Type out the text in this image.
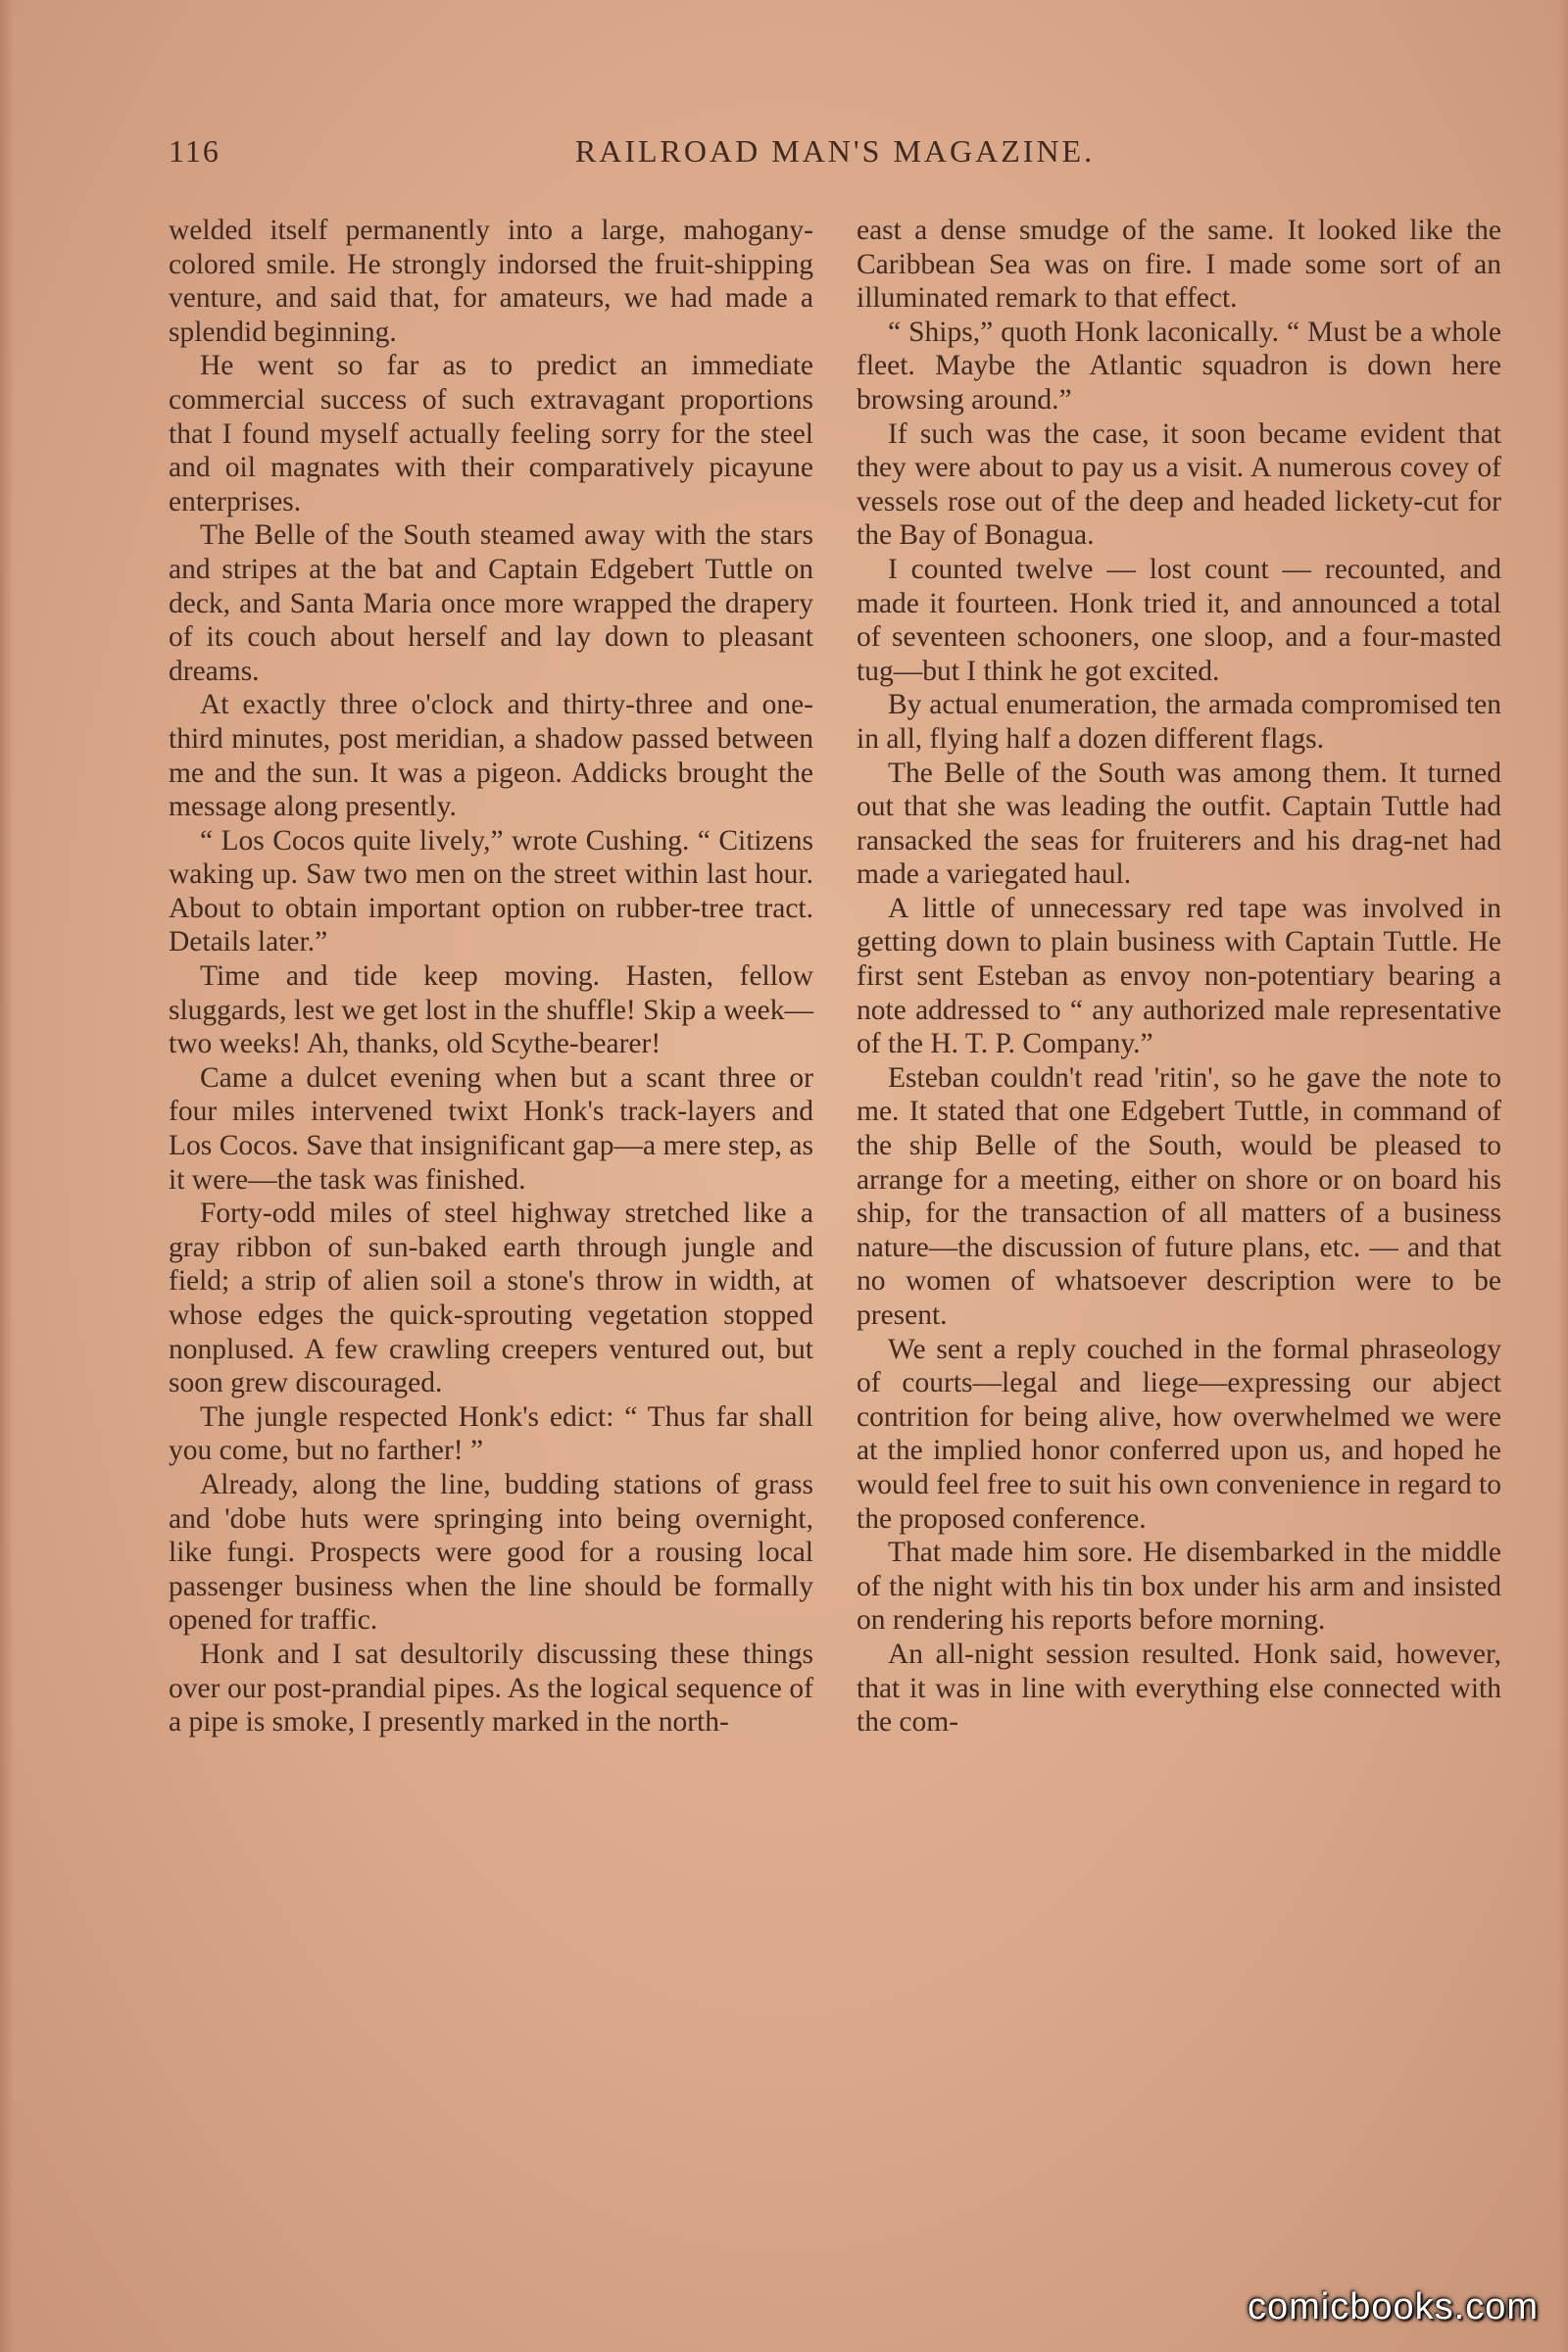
116	RAILROAD MAN'S MAGAZINE.

welded itself permanently into a large, mahogany-colored smile. He strongly indorsed the fruit-shipping venture, and said that, for amateurs, we had made a splendid beginning.

He went so far as to predict an immediate commercial success of such extravagant proportions that I found myself actually feeling sorry for the steel and oil magnates with their comparatively picayune enterprises.

The Belle of the South steamed away with the stars and stripes at the bat and Captain Edgebert Tuttle on deck, and Santa Maria once more wrapped the drapery of its couch about herself and lay down to pleasant dreams.

At exactly three o'clock and thirty-three and one-third minutes, post meridian, a shadow passed between me and the sun. It was a pigeon. Addicks brought the message along presently.

“ Los Cocos quite lively,” wrote Cushing. “ Citizens waking up. Saw two men on the street within last hour. About to obtain important option on rubber-tree tract. Details later.”

Time and tide keep moving. Hasten, fellow sluggards, lest we get lost in the shuffle! Skip a week—two weeks! Ah, thanks, old Scythe-bearer!

Came a dulcet evening when but a scant three or four miles intervened twixt Honk's track-layers and Los Cocos. Save that insignificant gap—a mere step, as it were—the task was finished.

Forty-odd miles of steel highway stretched like a gray ribbon of sun-baked earth through jungle and field; a strip of alien soil a stone's throw in width, at whose edges the quick-sprouting vegetation stopped nonplused. A few crawling creepers ventured out, but soon grew discouraged.

The jungle respected Honk's edict: “ Thus far shall you come, but no farther! ”

Already, along the line, budding stations of grass and 'dobe huts were springing into being overnight, like fungi. Prospects were good for a rousing local passenger business when the line should be formally opened for traffic.

Honk and I sat desultorily discussing these things over our post-prandial pipes. As the logical sequence of a pipe is smoke, I presently marked in the north-

east a dense smudge of the same. It looked like the Caribbean Sea was on fire. I made some sort of an illuminated remark to that effect.

“ Ships,” quoth Honk laconically. “ Must be a whole fleet. Maybe the Atlantic squadron is down here browsing around.”

If such was the case, it soon became evident that they were about to pay us a visit. A numerous covey of vessels rose out of the deep and headed lickety-cut for the Bay of Bonagua.

I counted twelve — lost count — recounted, and made it fourteen. Honk tried it, and announced a total of seventeen schooners, one sloop, and a four-masted tug—but I think he got excited.

By actual enumeration, the armada compromised ten in all, flying half a dozen different flags.

The Belle of the South was among them. It turned out that she was leading the outfit. Captain Tuttle had ransacked the seas for fruiterers and his drag-net had made a variegated haul.

A little of unnecessary red tape was involved in getting down to plain business with Captain Tuttle. He first sent Esteban as envoy non-potentiary bearing a note addressed to “ any authorized male representative of the H. T. P. Company.”

Esteban couldn't read 'ritin', so he gave the note to me. It stated that one Edgebert Tuttle, in command of the ship Belle of the South, would be pleased to arrange for a meeting, either on shore or on board his ship, for the transaction of all matters of a business nature—the discussion of future plans, etc. — and that no women of whatsoever description were to be present.

We sent a reply couched in the formal phraseology of courts—legal and liege—expressing our abject contrition for being alive, how overwhelmed we were at the implied honor conferred upon us, and hoped he would feel free to suit his own convenience in regard to the proposed conference.

That made him sore. He disembarked in the middle of the night with his tin box under his arm and insisted on rendering his reports before morning.

An all-night session resulted. Honk said, however, that it was in line with everything else connected with the com-

comicbooks.com
